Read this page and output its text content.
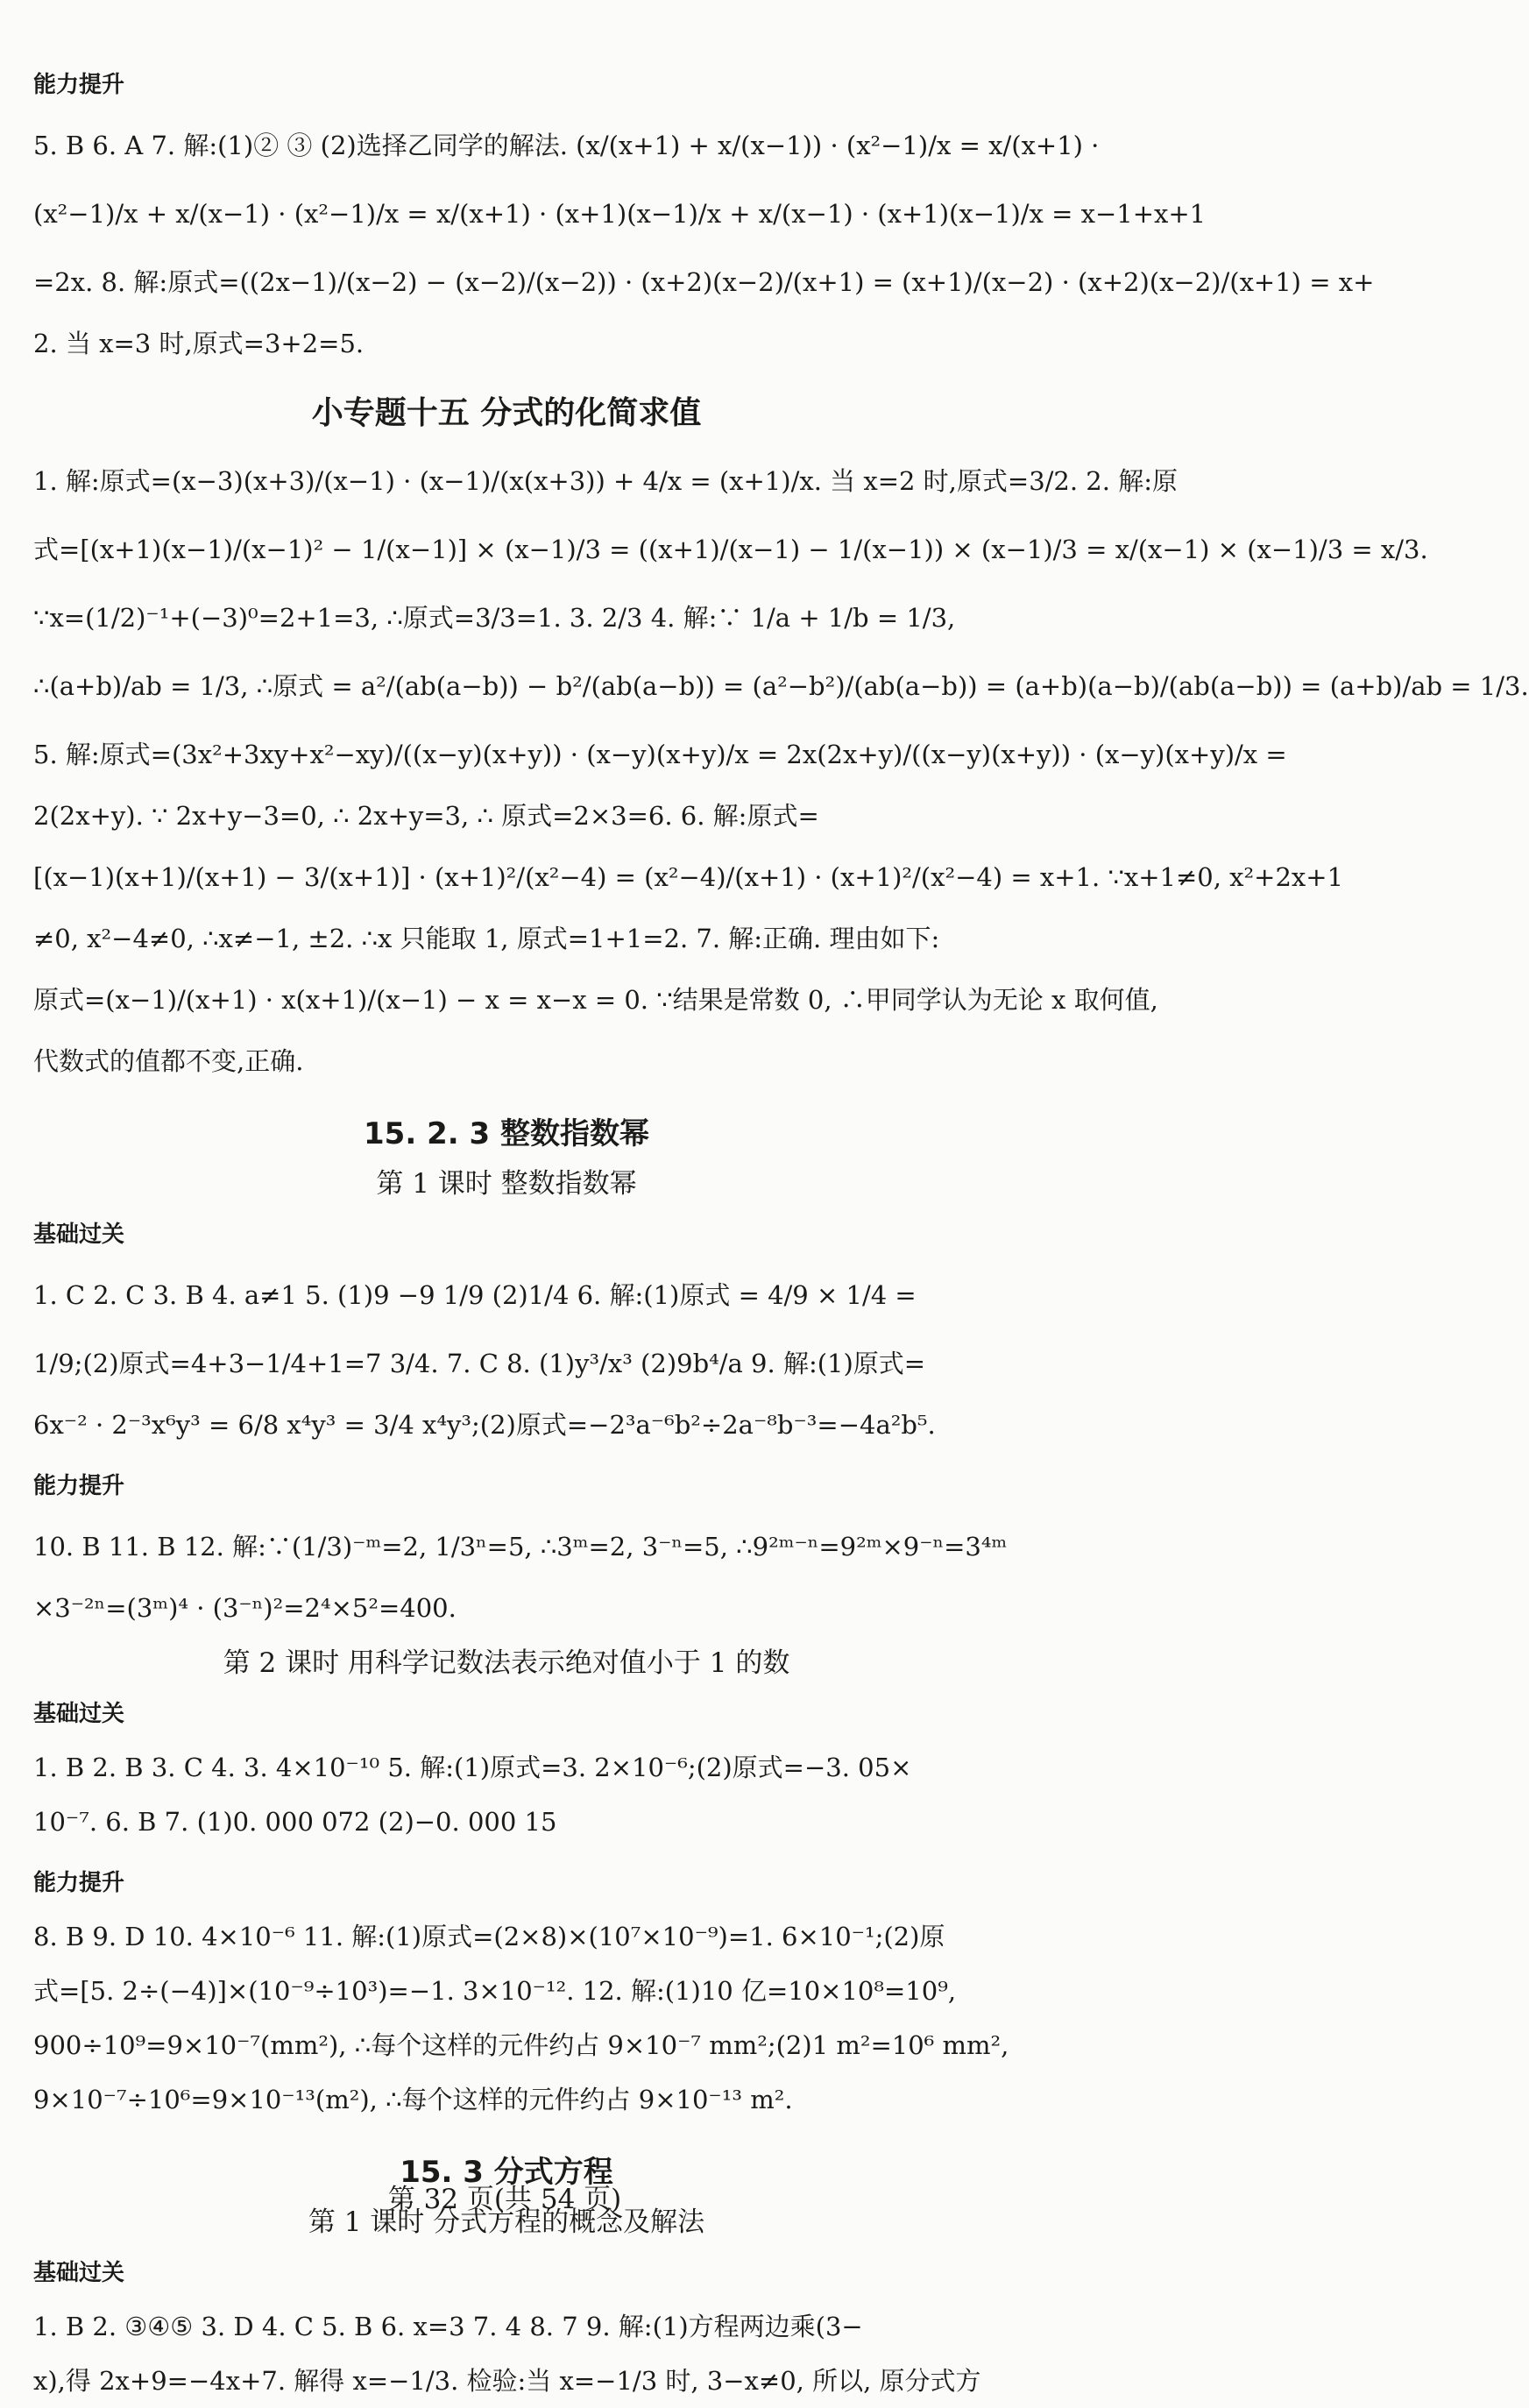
能力提升
5. B 6. A 7. 解:(1)② ③ (2)选择乙同学的解法. (x/(x+1) + x/(x−1)) · (x²−1)/x = x/(x+1) ·
(x²−1)/x + x/(x−1) · (x²−1)/x = x/(x+1) · (x+1)(x−1)/x + x/(x−1) · (x+1)(x−1)/x = x−1+x+1
=2x. 8. 解:原式=((2x−1)/(x−2) − (x−2)/(x−2)) · (x+2)(x−2)/(x+1) = (x+1)/(x−2) · (x+2)(x−2)/(x+1) = x+
2. 当 x=3 时,原式=3+2=5.
小专题十五 分式的化简求值
1. 解:原式=(x−3)(x+3)/(x−1) · (x−1)/(x(x+3)) + 4/x = (x+1)/x. 当 x=2 时,原式=3/2. 2. 解:原
式=[(x+1)(x−1)/(x−1)² − 1/(x−1)] × (x−1)/3 = ((x+1)/(x−1) − 1/(x−1)) × (x−1)/3 = x/(x−1) × (x−1)/3 = x/3.
∵x=(1/2)⁻¹+(−3)⁰=2+1=3, ∴原式=3/3=1. 3. 2/3 4. 解:∵ 1/a + 1/b = 1/3,
∴(a+b)/ab = 1/3, ∴原式 = a²/(ab(a−b)) − b²/(ab(a−b)) = (a²−b²)/(ab(a−b)) = (a+b)(a−b)/(ab(a−b)) = (a+b)/ab = 1/3.
5. 解:原式=(3x²+3xy+x²−xy)/((x−y)(x+y)) · (x−y)(x+y)/x = 2x(2x+y)/((x−y)(x+y)) · (x−y)(x+y)/x =
2(2x+y). ∵ 2x+y−3=0, ∴ 2x+y=3, ∴ 原式=2×3=6. 6. 解:原式=
[(x−1)(x+1)/(x+1) − 3/(x+1)] · (x+1)²/(x²−4) = (x²−4)/(x+1) · (x+1)²/(x²−4) = x+1. ∵x+1≠0, x²+2x+1
≠0, x²−4≠0, ∴x≠−1, ±2. ∴x 只能取 1, 原式=1+1=2. 7. 解:正确. 理由如下:
原式=(x−1)/(x+1) · x(x+1)/(x−1) − x = x−x = 0. ∵结果是常数 0, ∴甲同学认为无论 x 取何值,
代数式的值都不变,正确.
15. 2. 3 整数指数幂
第 1 课时 整数指数幂
基础过关
1. C 2. C 3. B 4. a≠1 5. (1)9 −9 1/9 (2)1/4 6. 解:(1)原式 = 4/9 × 1/4 =
1/9;(2)原式=4+3−1/4+1=7 3/4. 7. C 8. (1)y³/x³ (2)9b⁴/a 9. 解:(1)原式=
6x⁻² · 2⁻³x⁶y³ = 6/8 x⁴y³ = 3/4 x⁴y³;(2)原式=−2³a⁻⁶b²÷2a⁻⁸b⁻³=−4a²b⁵.
能力提升
10. B 11. B 12. 解:∵(1/3)⁻ᵐ=2, 1/3ⁿ=5, ∴3ᵐ=2, 3⁻ⁿ=5, ∴9²ᵐ⁻ⁿ=9²ᵐ×9⁻ⁿ=3⁴ᵐ
×3⁻²ⁿ=(3ᵐ)⁴ · (3⁻ⁿ)²=2⁴×5²=400.
第 2 课时 用科学记数法表示绝对值小于 1 的数
基础过关
1. B 2. B 3. C 4. 3. 4×10⁻¹⁰ 5. 解:(1)原式=3. 2×10⁻⁶;(2)原式=−3. 05×
10⁻⁷. 6. B 7. (1)0. 000 072 (2)−0. 000 15
能力提升
8. B 9. D 10. 4×10⁻⁶ 11. 解:(1)原式=(2×8)×(10⁷×10⁻⁹)=1. 6×10⁻¹;(2)原
式=[5. 2÷(−4)]×(10⁻⁹÷10³)=−1. 3×10⁻¹². 12. 解:(1)10 亿=10×10⁸=10⁹,
900÷10⁹=9×10⁻⁷(mm²), ∴每个这样的元件约占 9×10⁻⁷ mm²;(2)1 m²=10⁶ mm²,
9×10⁻⁷÷10⁶=9×10⁻¹³(m²), ∴每个这样的元件约占 9×10⁻¹³ m².
15. 3 分式方程
第 1 课时 分式方程的概念及解法
基础过关
1. B 2. ③④⑤ 3. D 4. C 5. B 6. x=3 7. 4 8. 7 9. 解:(1)方程两边乘(3−
x),得 2x+9=−4x+7. 解得 x=−1/3. 检验:当 x=−1/3 时, 3−x≠0, 所以, 原分式方
第 32 页(共 54 页)
